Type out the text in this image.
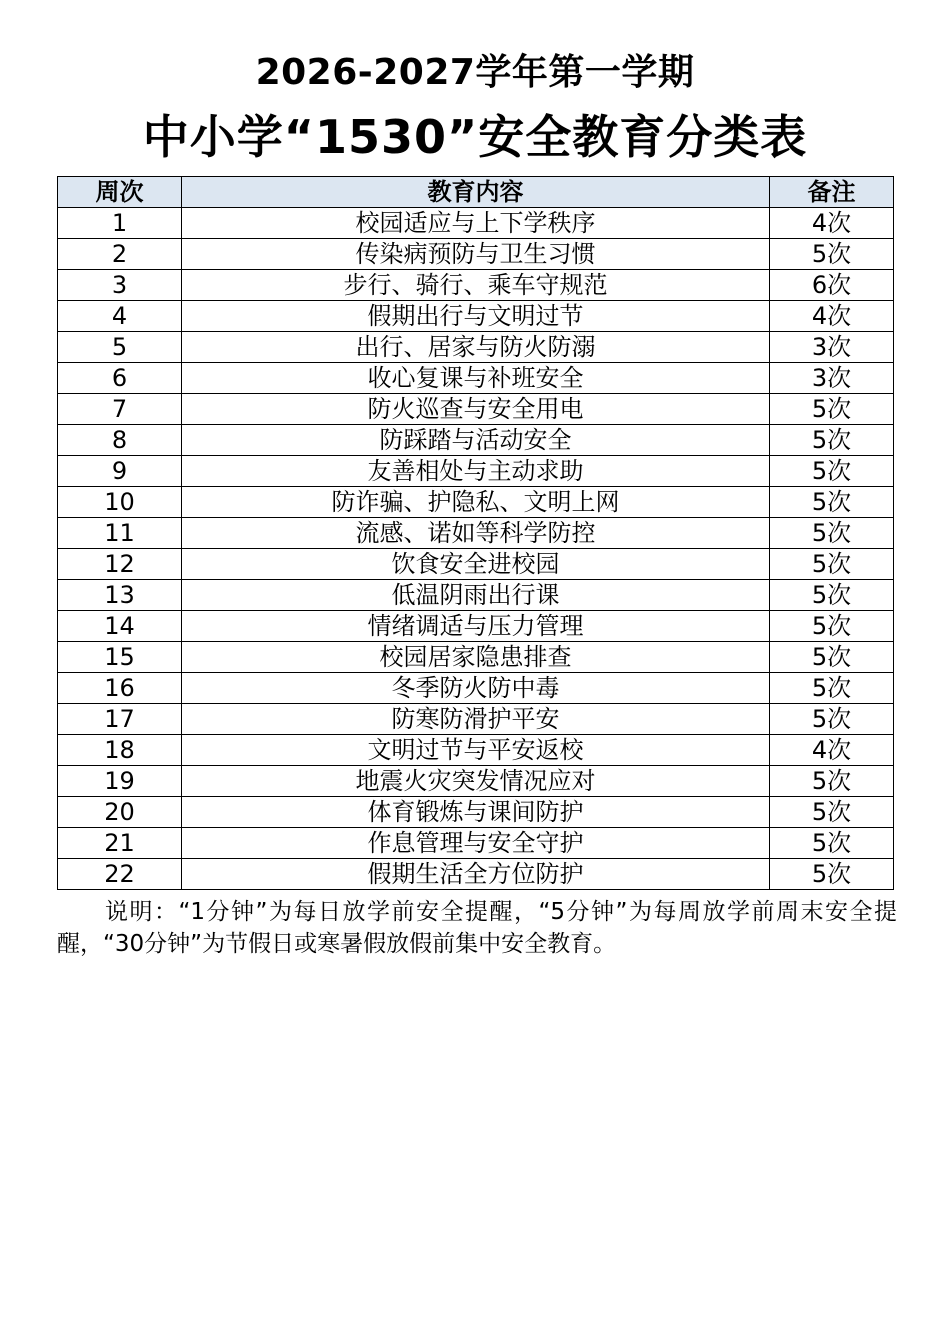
2026-2027学年第一学期
中小学“1530”安全教育分类表
周次	教育内容	备注
1	校园适应与上下学秩序	4次
2	传染病预防与卫生习惯	5次
3	步行、骑行、乘车守规范	6次
4	假期出行与文明过节	4次
5	出行、居家与防火防溺	3次
6	收心复课与补班安全	3次
7	防火巡查与安全用电	5次
8	防踩踏与活动安全	5次
9	友善相处与主动求助	5次
10	防诈骗、护隐私、文明上网	5次
11	流感、诺如等科学防控	5次
12	饮食安全进校园	5次
13	低温阴雨出行课	5次
14	情绪调适与压力管理	5次
15	校园居家隐患排查	5次
16	冬季防火防中毒	5次
17	防寒防滑护平安	5次
18	文明过节与平安返校	4次
19	地震火灾突发情况应对	5次
20	体育锻炼与课间防护	5次
21	作息管理与安全守护	5次
22	假期生活全方位防护	5次
说明：“1分钟”为每日放学前安全提醒，“5分钟”为每周放学前周末安全提醒，“30分钟”为节假日或寒暑假放假前集中安全教育。
